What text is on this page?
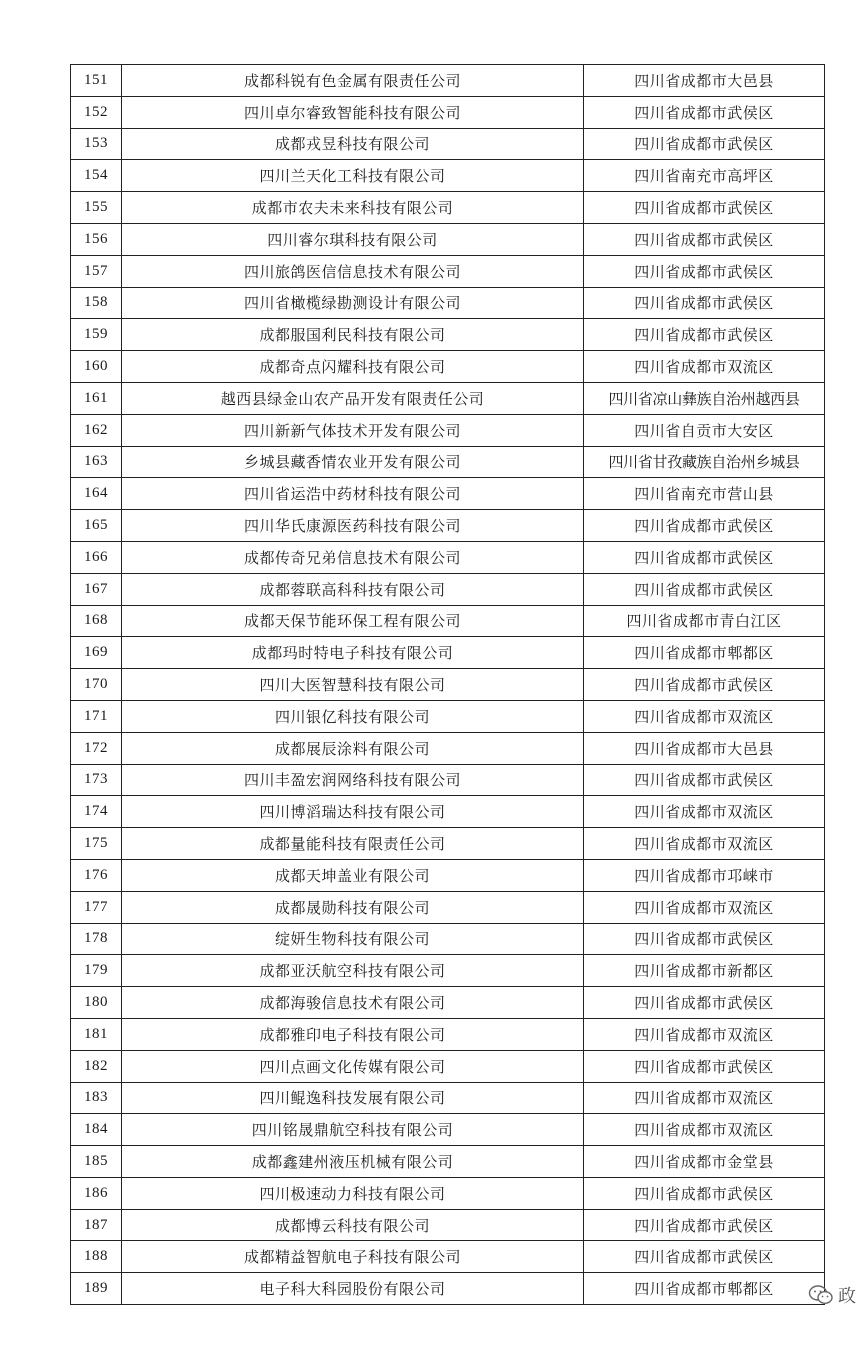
151	成都科锐有色金属有限责任公司	四川省成都市大邑县
152	四川卓尔睿致智能科技有限公司	四川省成都市武侯区
153	成都戎昱科技有限公司	四川省成都市武侯区
154	四川兰天化工科技有限公司	四川省南充市高坪区
155	成都市农夫未来科技有限公司	四川省成都市武侯区
156	四川睿尔琪科技有限公司	四川省成都市武侯区
157	四川旅鸽医信信息技术有限公司	四川省成都市武侯区
158	四川省橄榄绿勘测设计有限公司	四川省成都市武侯区
159	成都服国利民科技有限公司	四川省成都市武侯区
160	成都奇点闪耀科技有限公司	四川省成都市双流区
161	越西县绿金山农产品开发有限责任公司	四川省凉山彝族自治州越西县
162	四川新新气体技术开发有限公司	四川省自贡市大安区
163	乡城县藏香情农业开发有限公司	四川省甘孜藏族自治州乡城县
164	四川省运浩中药材科技有限公司	四川省南充市营山县
165	四川华氏康源医药科技有限公司	四川省成都市武侯区
166	成都传奇兄弟信息技术有限公司	四川省成都市武侯区
167	成都蓉联高科科技有限公司	四川省成都市武侯区
168	成都天保节能环保工程有限公司	四川省成都市青白江区
169	成都玛时特电子科技有限公司	四川省成都市郫都区
170	四川大医智慧科技有限公司	四川省成都市武侯区
171	四川银亿科技有限公司	四川省成都市双流区
172	成都展辰涂料有限公司	四川省成都市大邑县
173	四川丰盈宏润网络科技有限公司	四川省成都市武侯区
174	四川博滔瑞达科技有限公司	四川省成都市双流区
175	成都量能科技有限责任公司	四川省成都市双流区
176	成都天坤盖业有限公司	四川省成都市邛崃市
177	成都晟勋科技有限公司	四川省成都市双流区
178	绽妍生物科技有限公司	四川省成都市武侯区
179	成都亚沃航空科技有限公司	四川省成都市新都区
180	成都海骏信息技术有限公司	四川省成都市武侯区
181	成都雅印电子科技有限公司	四川省成都市双流区
182	四川点画文化传媒有限公司	四川省成都市武侯区
183	四川鲲逸科技发展有限公司	四川省成都市双流区
184	四川铭晟鼎航空科技有限公司	四川省成都市双流区
185	成都鑫建州液压机械有限公司	四川省成都市金堂县
186	四川极速动力科技有限公司	四川省成都市武侯区
187	成都博云科技有限公司	四川省成都市武侯区
188	成都精益智航电子科技有限公司	四川省成都市武侯区
189	电子科大科园股份有限公司	四川省成都市郫都区	政
